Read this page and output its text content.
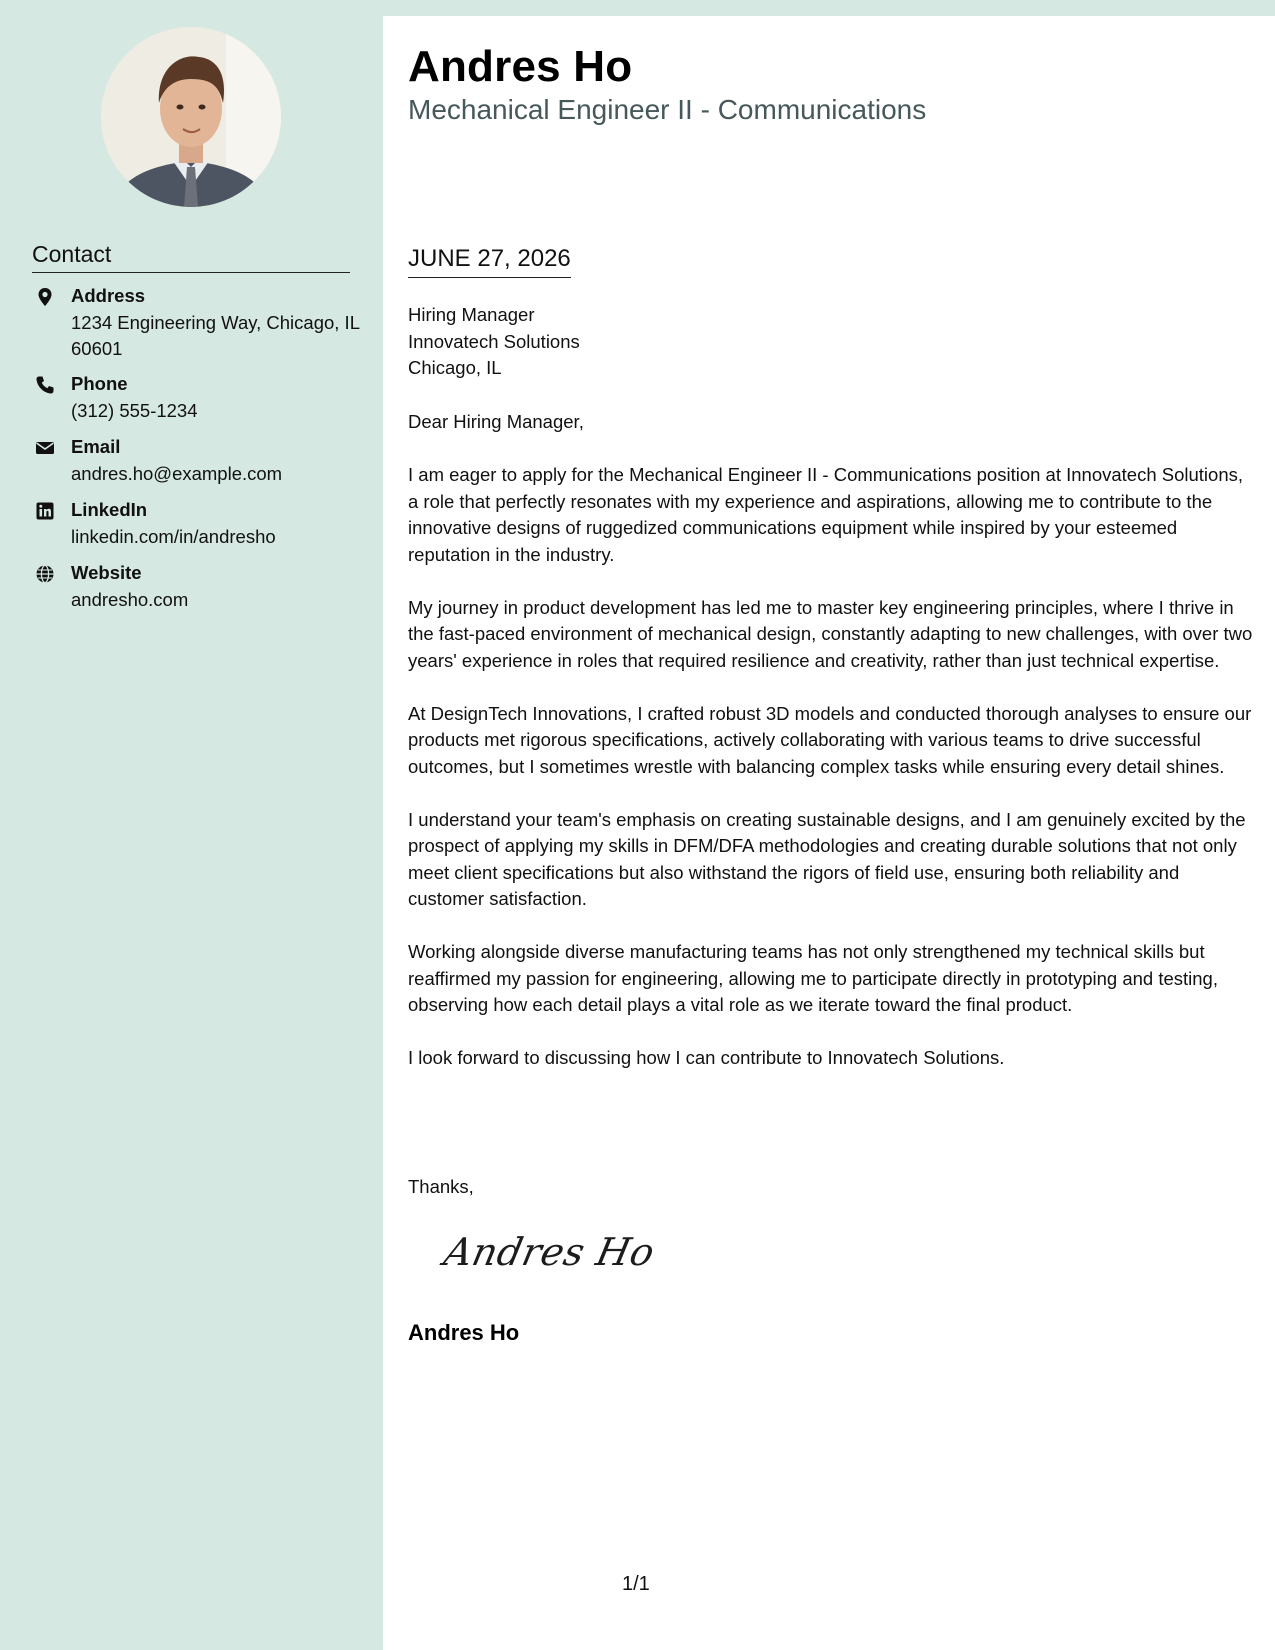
Contact
Address
1234 Engineering Way, Chicago, IL 60601
Phone
(312) 555-1234
Email
andres.ho@example.com
LinkedIn
linkedin.com/in/andresho
Website
andresho.com
Andres Ho
Mechanical Engineer II - Communications
JUNE 27, 2026
Hiring Manager
Innovatech Solutions
Chicago, IL

Dear Hiring Manager,

I am eager to apply for the Mechanical Engineer II - Communications position at Innovatech Solutions, a role that perfectly resonates with my experience and aspirations, allowing me to contribute to the innovative designs of ruggedized communications equipment while inspired by your esteemed reputation in the industry.

My journey in product development has led me to master key engineering principles, where I thrive in the fast-paced environment of mechanical design, constantly adapting to new challenges, with over two years' experience in roles that required resilience and creativity, rather than just technical expertise.

At DesignTech Innovations, I crafted robust 3D models and conducted thorough analyses to ensure our products met rigorous specifications, actively collaborating with various teams to drive successful outcomes, but I sometimes wrestle with balancing complex tasks while ensuring every detail shines.

I understand your team's emphasis on creating sustainable designs, and I am genuinely excited by the prospect of applying my skills in DFM/DFA methodologies and creating durable solutions that not only meet client specifications but also withstand the rigors of field use, ensuring both reliability and customer satisfaction.

Working alongside diverse manufacturing teams has not only strengthened my technical skills but reaffirmed my passion for engineering, allowing me to participate directly in prototyping and testing, observing how each detail plays a vital role as we iterate toward the final product.

I look forward to discussing how I can contribute to Innovatech Solutions.

Thanks,
Andres Ho
Andres Ho
1/1
